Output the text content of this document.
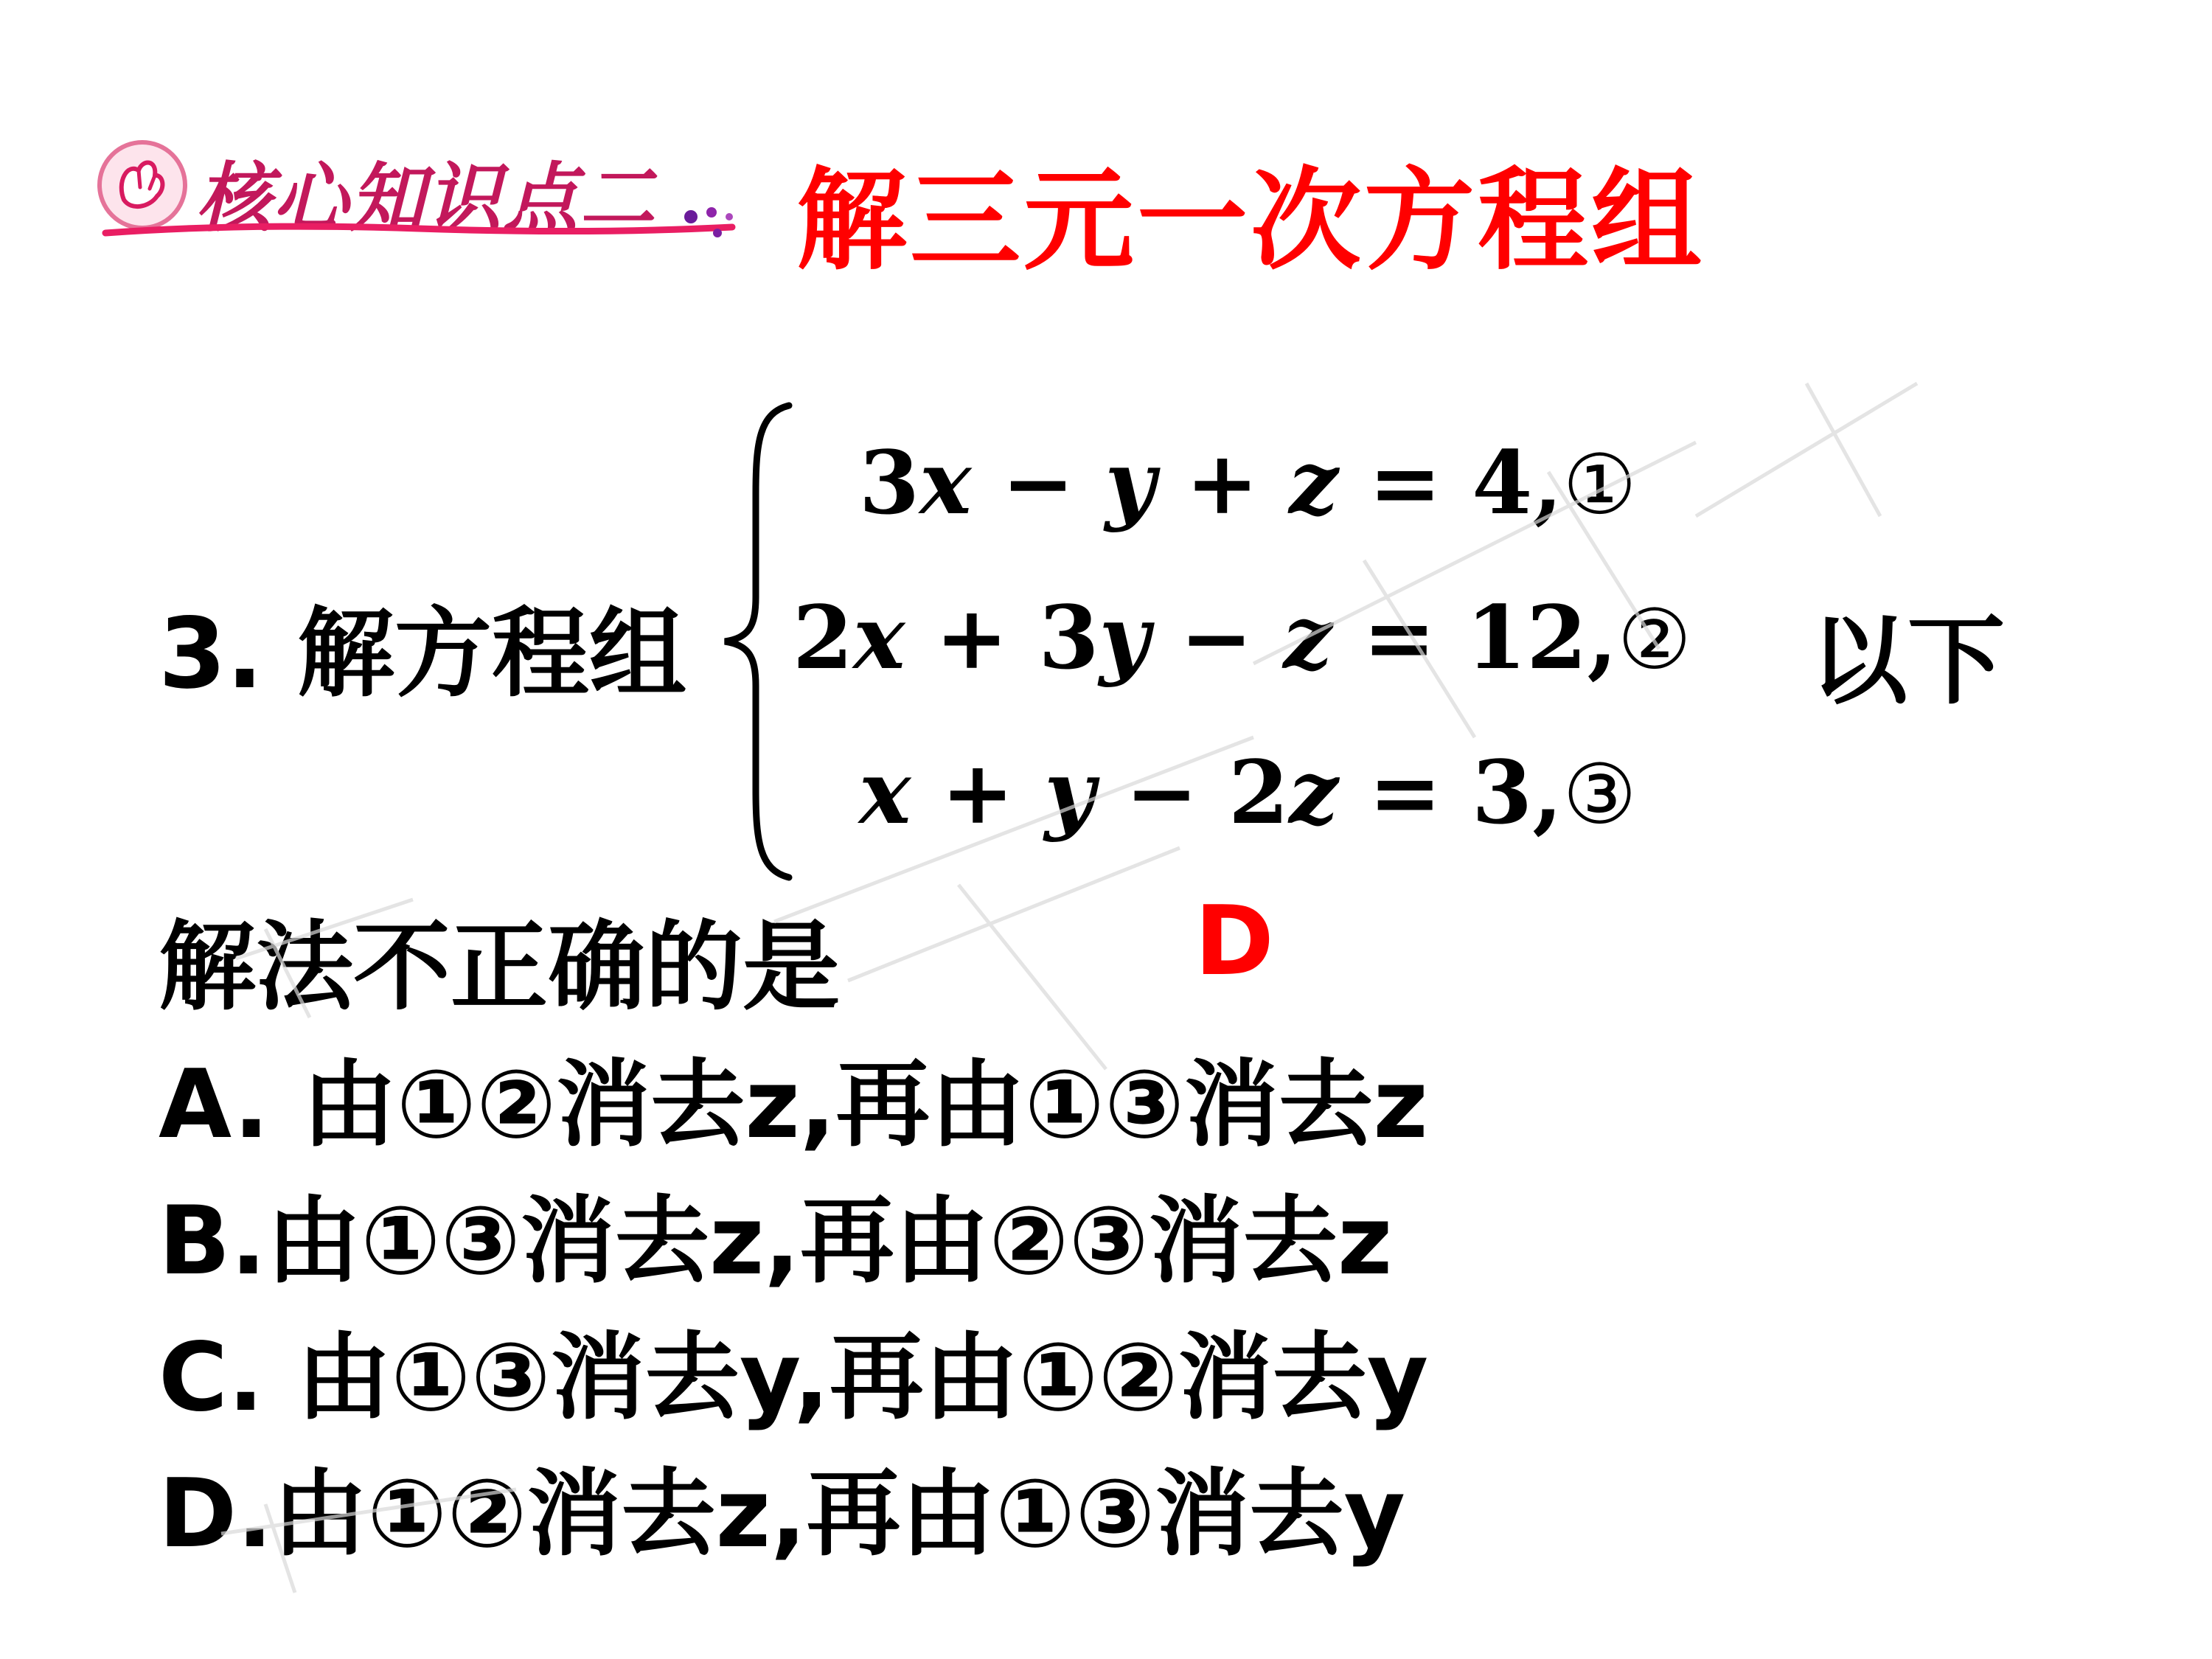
核心知识点二 解三元一次方程组
3. 解方程组
3x − y + z = 4,①
2x + 3y − z = 12,②
x + y − 2z = 3,③
以下
解法不正确的是	D
A. 由①②消去z,再由①③消去z
B.由①③消去z,再由②③消去z
C. 由①③消去y,再由①②消去y
D.由①②消去z,再由①③消去y
